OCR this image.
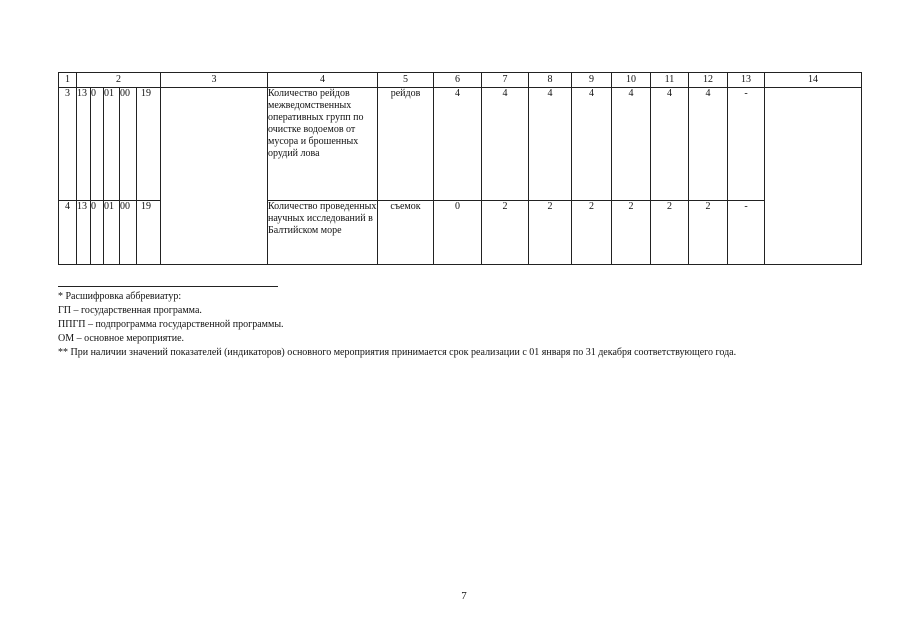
1	2					3	4	5	6	7	8	9	10	11	12	13	14
3	13	0	01	00	19		Количество рейдов межведомственных оперативных групп по очистке водоемов от мусора и брошенных орудий лова	рейдов	4	4	4	4	4	4	4	-	
4	13	0	01	00	19		Количество проведенных научных исследований в Балтийском море	съемок	0	2	2	2	2	2	2	-	

* Расшифровка аббревиатур:

ГП – государственная программа.

ППГП – подпрограмма государственной программы.

ОМ – основное мероприятие.

** При наличии значений показателей (индикаторов) основного мероприятия принимается срок реализации с 01 января по 31 декабря соответствующего года.

7
